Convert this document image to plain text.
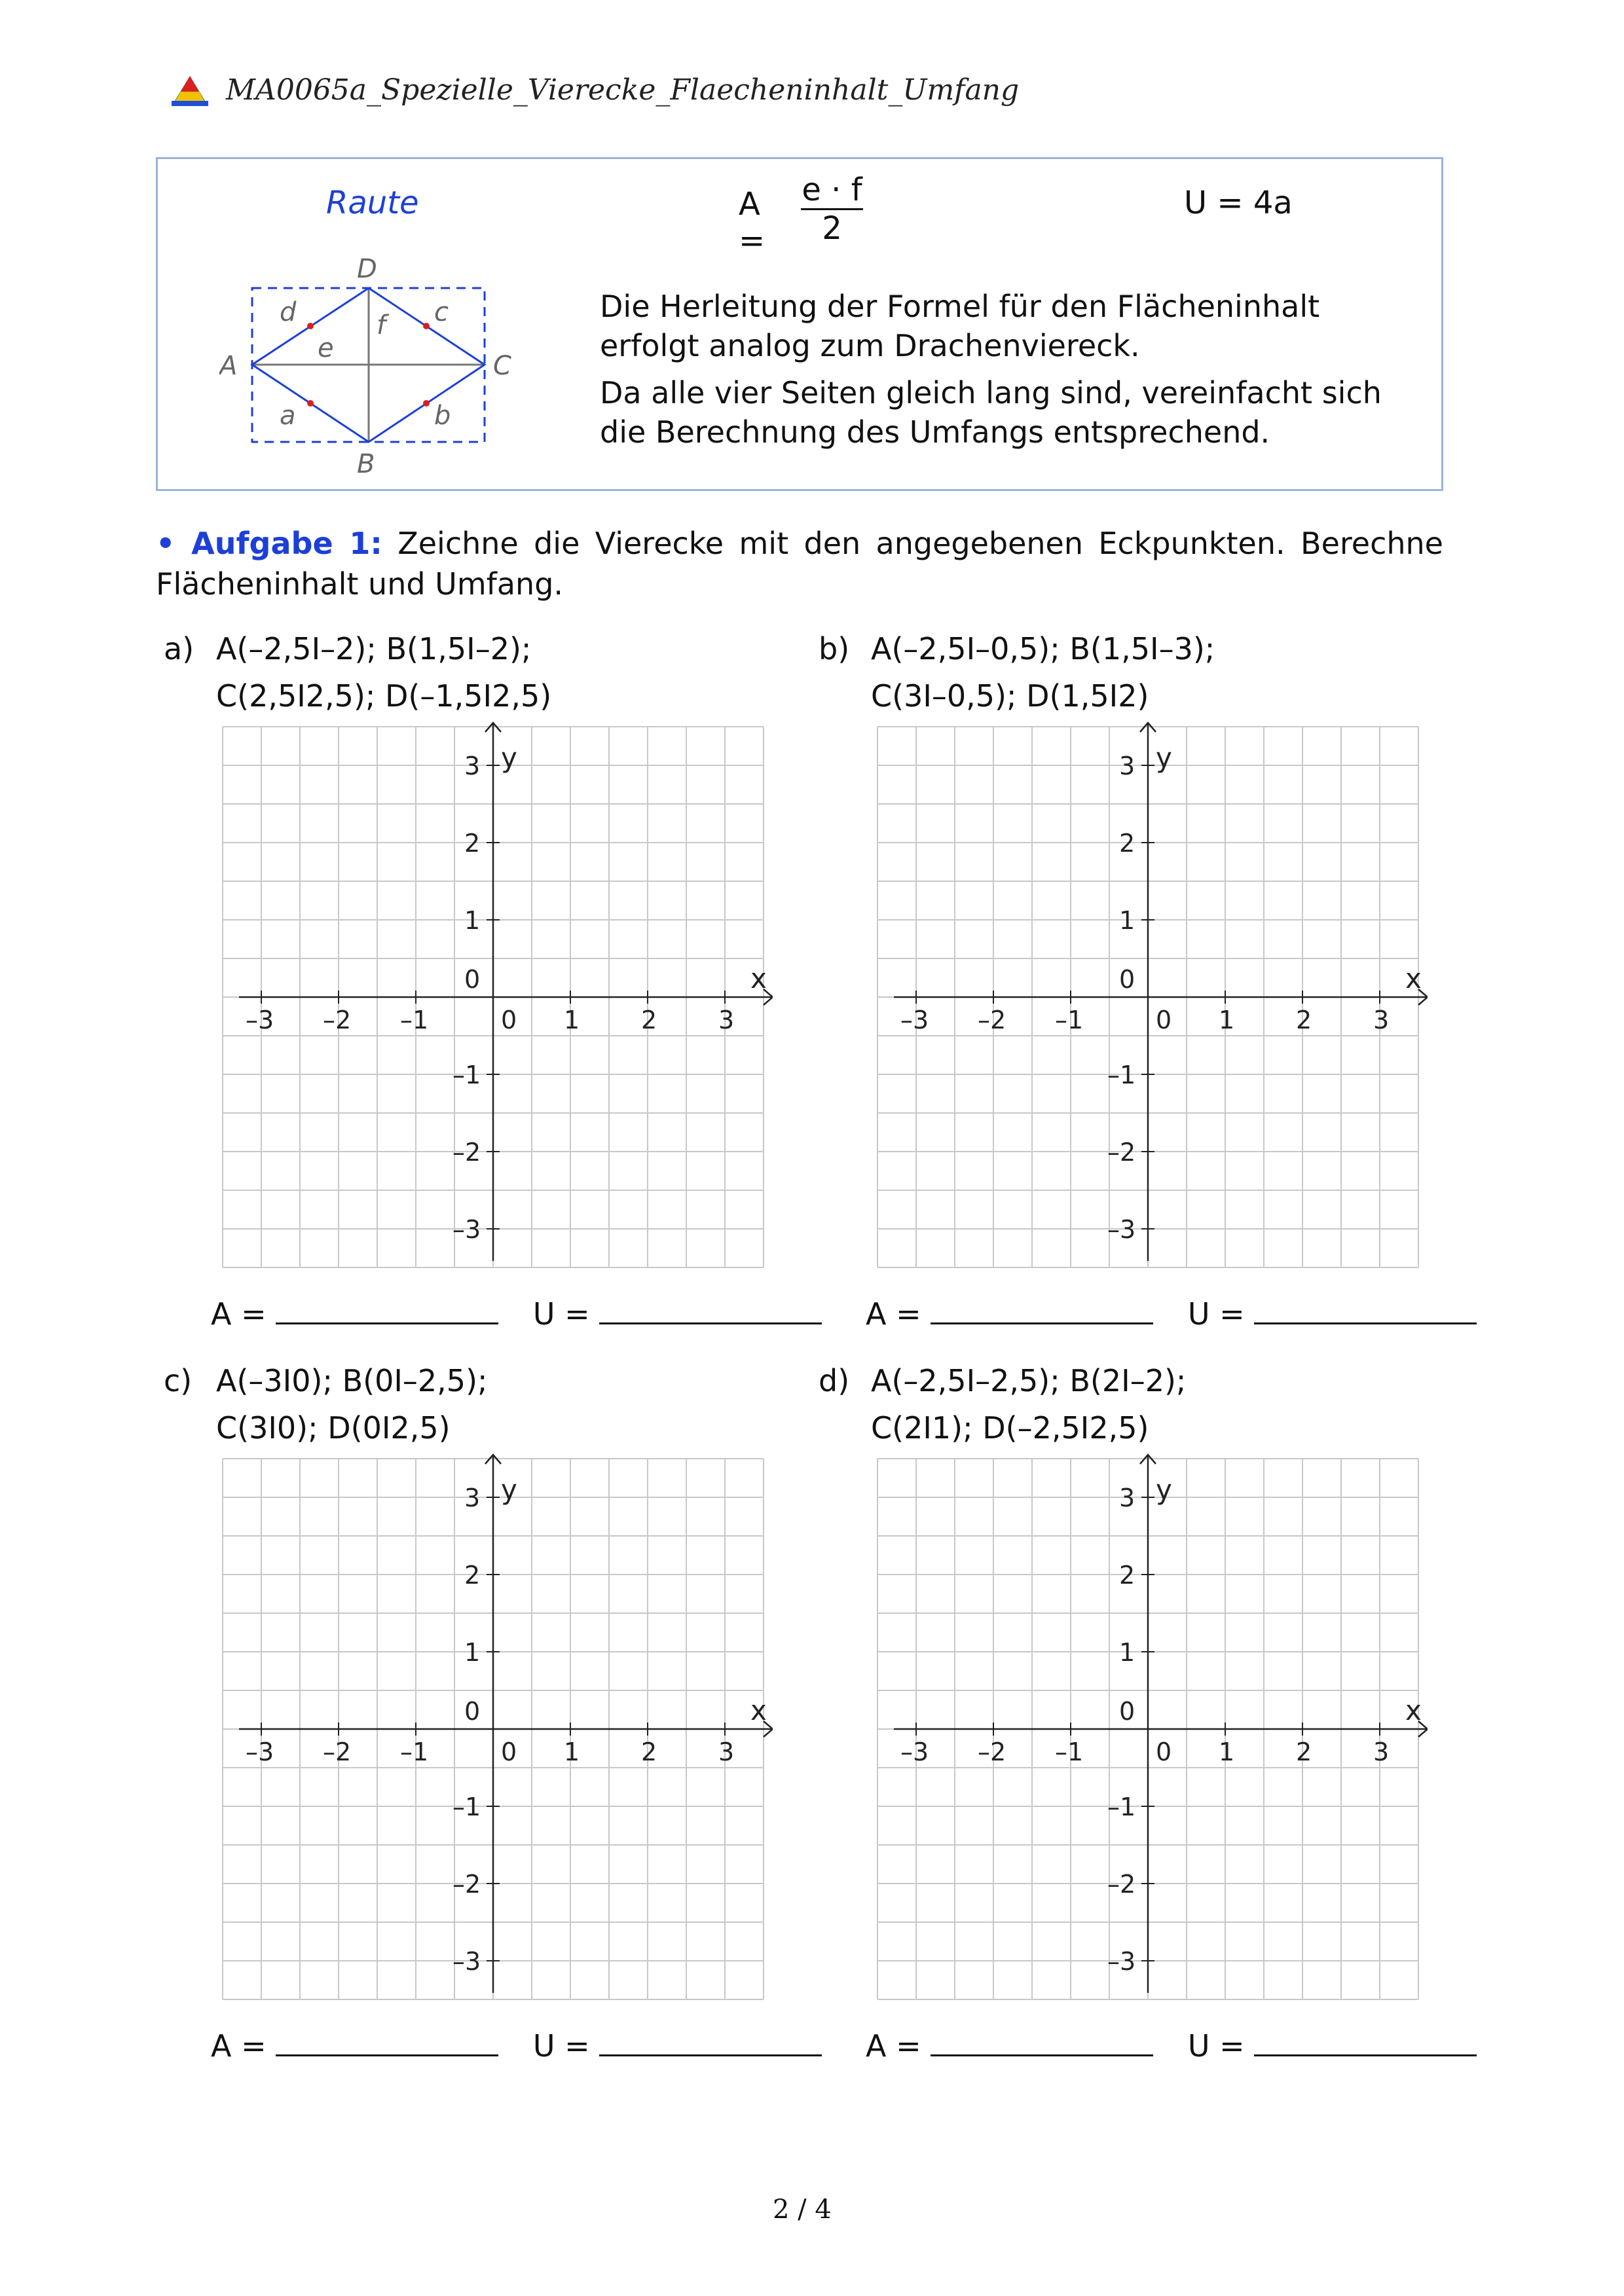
MA0065a_Spezielle_Vierecke_Flaecheninhalt_Umfang
Raute	$A = \frac{e \cdot f}{2}$	U = 4a
D
B
A	C
d	c
a	b
e
f

Die Herleitung der Formel für den Flächeninhalt erfolgt analog zum Drachenviereck.

Da alle vier Seiten gleich lang sind, vereinfacht sich die Berechnung des Umfangs entsprechend.

• Aufgabe 1: Zeichne die Vierecke mit den angegebenen Eckpunkten. Berechne
Flächeninhalt und Umfang.
a) A(–2,5I–2); B(1,5I–2);
C(2,5I2,5); D(–1,5I2,5)
x
y
–3 –2 –1	0 1 2 3
3
2
1
0
–1
–2
–3
A =	U =
b) A(–2,5I–0,5); B(1,5I–3);
C(3I–0,5); D(1,5I2)
x
y
–3 –2 –1	0 1 2 3
3
2
1
0
–1
–2
–3
A =	U =
c) A(–3I0); B(0I–2,5);
C(3I0); D(0I2,5)
x
y
–3 –2 –1	0 1 2 3
3
2
1
0
–1
–2
–3
A =	U =
d) A(–2,5I–2,5); B(2I–2);
C(2I1); D(–2,5I2,5)
x
y
–3 –2 –1	0 1 2 3
3
2
1
0
–1
–2
–3
A =	U =
2 / 4
